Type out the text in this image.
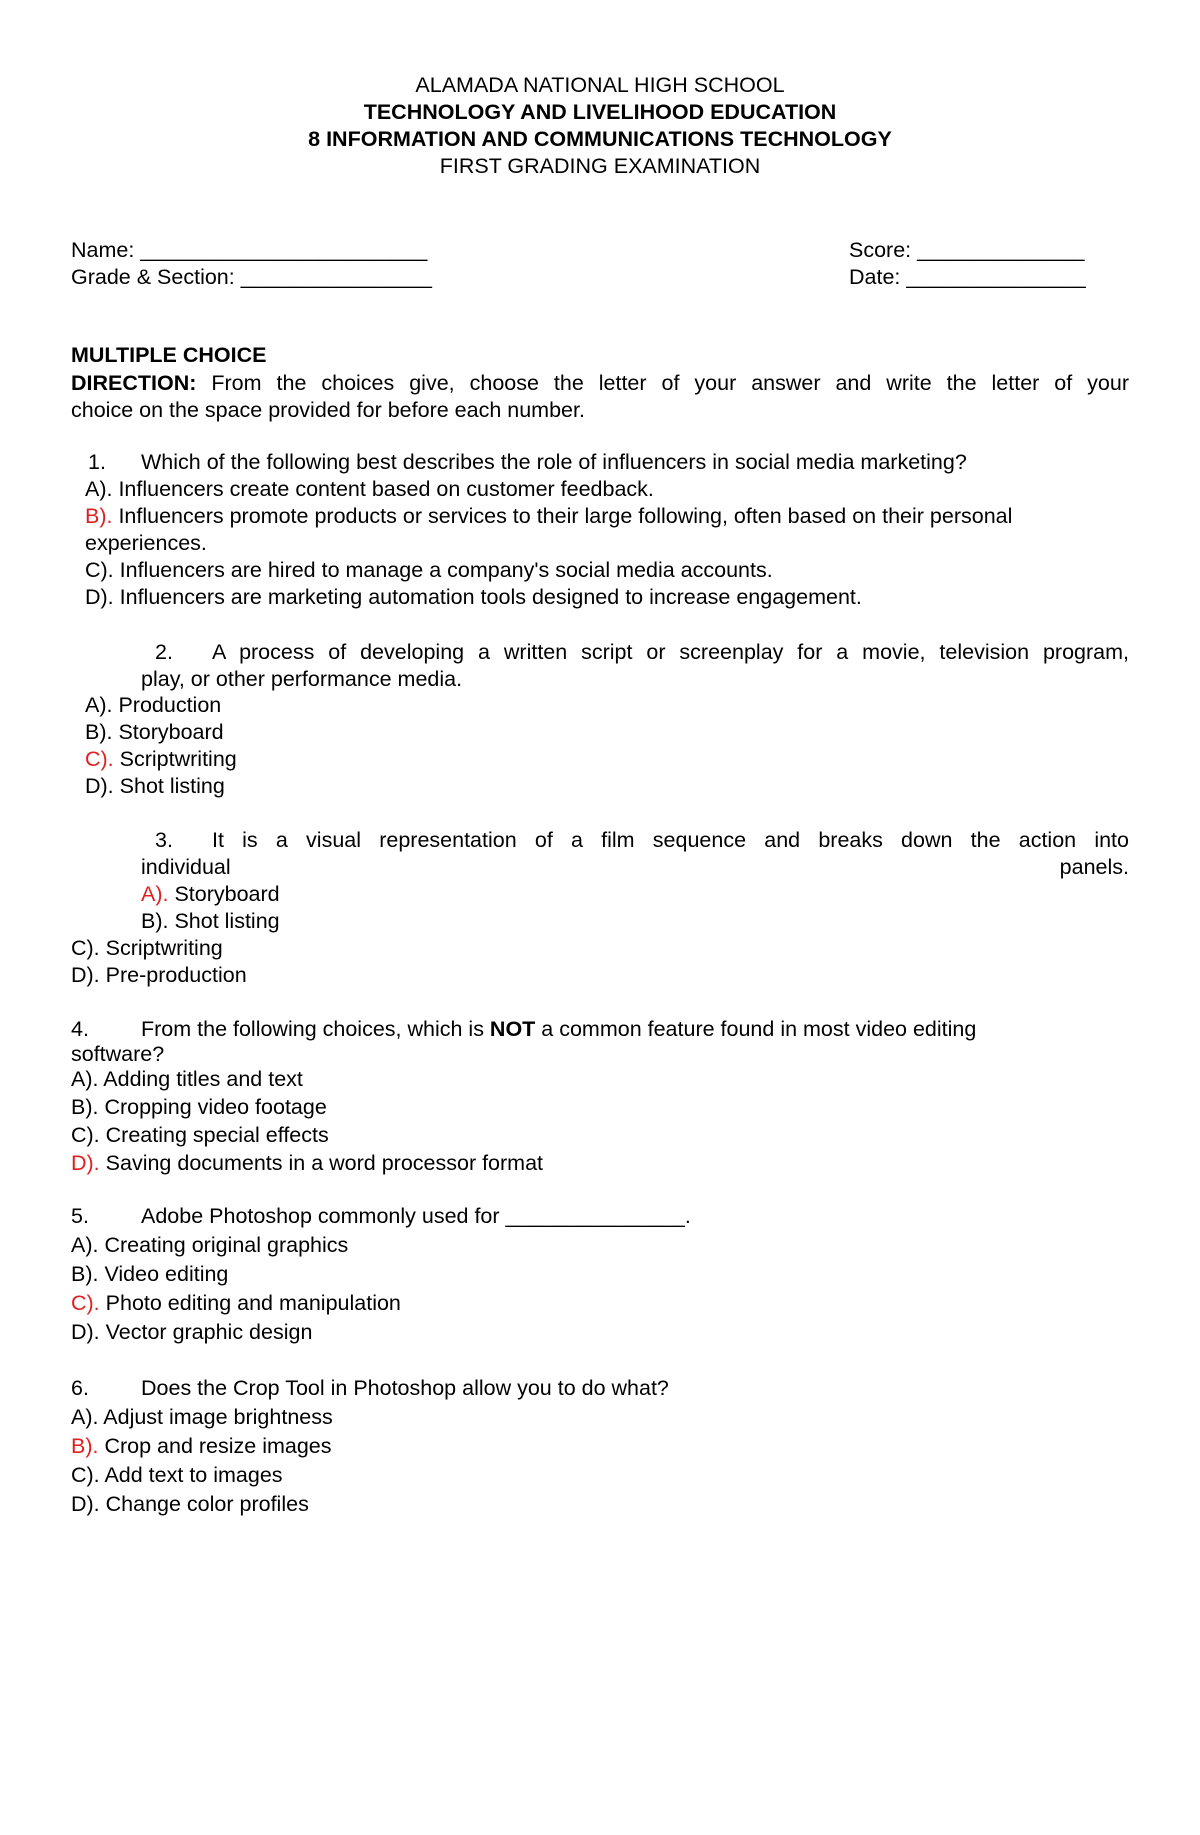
ALAMADA NATIONAL HIGH SCHOOL
TECHNOLOGY AND LIVELIHOOD EDUCATION
8 INFORMATION AND COMMUNICATIONS TECHNOLOGY
FIRST GRADING EXAMINATION
Name: ________________________	Score: ______________
Grade & Section: ________________	Date: _______________
MULTIPLE CHOICE
DIRECTION: From the choices give, choose the letter of your answer and write the letter of your
choice on the space provided for before each number.
1. Which of the following best describes the role of influencers in social media marketing?
A). Influencers create content based on customer feedback.
B). Influencers promote products or services to their large following, often based on their personal
experiences.
C). Influencers are hired to manage a company's social media accounts.
D). Influencers are marketing automation tools designed to increase engagement.
2. A process of developing a written script or screenplay for a movie, television program,
play, or other performance media.
A). Production
B). Storyboard
C). Scriptwriting
D). Shot listing
3. It is a visual representation of a film sequence and breaks down the action into
individual	panels.
A). Storyboard
B). Shot listing
C). Scriptwriting
D). Pre-production
4. From the following choices, which is NOT a common feature found in most video editing
software?
A). Adding titles and text
B). Cropping video footage
C). Creating special effects
D). Saving documents in a word processor format
5. Adobe Photoshop commonly used for _______________.
A). Creating original graphics
B). Video editing
C). Photo editing and manipulation
D). Vector graphic design
6. Does the Crop Tool in Photoshop allow you to do what?
A). Adjust image brightness
B). Crop and resize images
C). Add text to images
D). Change color profiles
